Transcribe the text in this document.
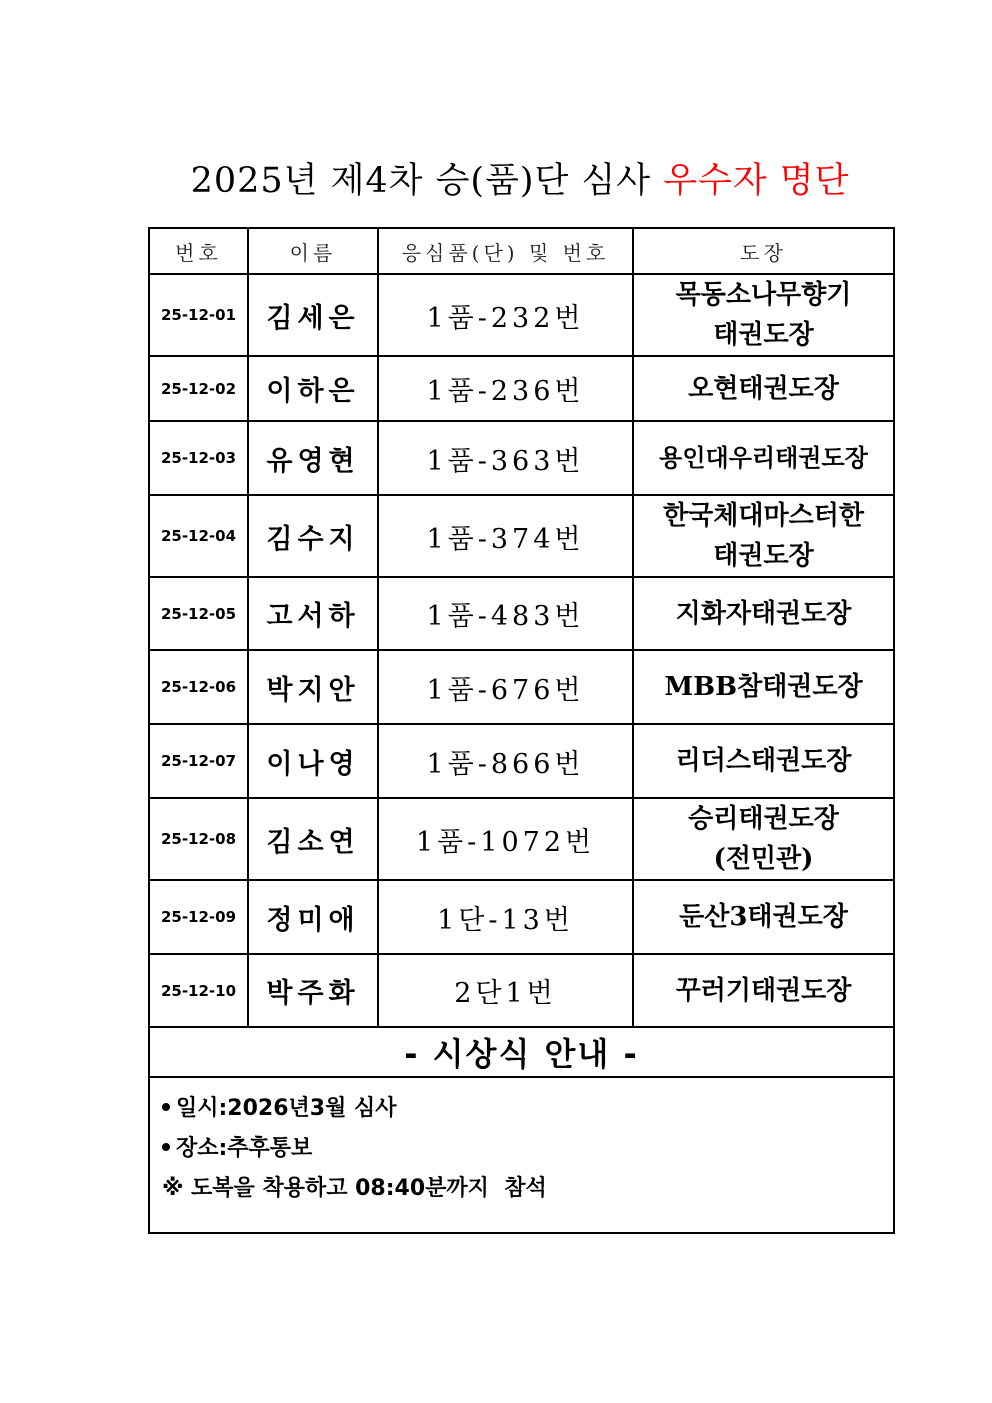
2025년 제4차 승(품)단 심사 우수자 명단
번호	이름	응심품(단) 및 번호	도장
25-12-01	김세은	1품-232번	목동소나무향기
태권도장

25-12-02	이하은	1품-236번	오현태권도장

25-12-03	유영현	1품-363번	용인대우리태권도장

25-12-04	김수지	1품-374번	한국체대마스터한
태권도장

25-12-05	고서하	1품-483번	지화자태권도장

25-12-06	박지안	1품-676번	MBB참태권도장

25-12-07	이나영	1품-866번	리더스태권도장

25-12-08	김소연	1품-1072번	승리태권도장
(전민관)

25-12-09	정미애	1단-13번	둔산3태권도장

25-12-10	박주화	2단1번	꾸러기태권도장

- 시상식 안내 -			

일시:2026년3월 심사
장소:추후통보
※ 도복을 착용하고 08:40분까지  참석			
